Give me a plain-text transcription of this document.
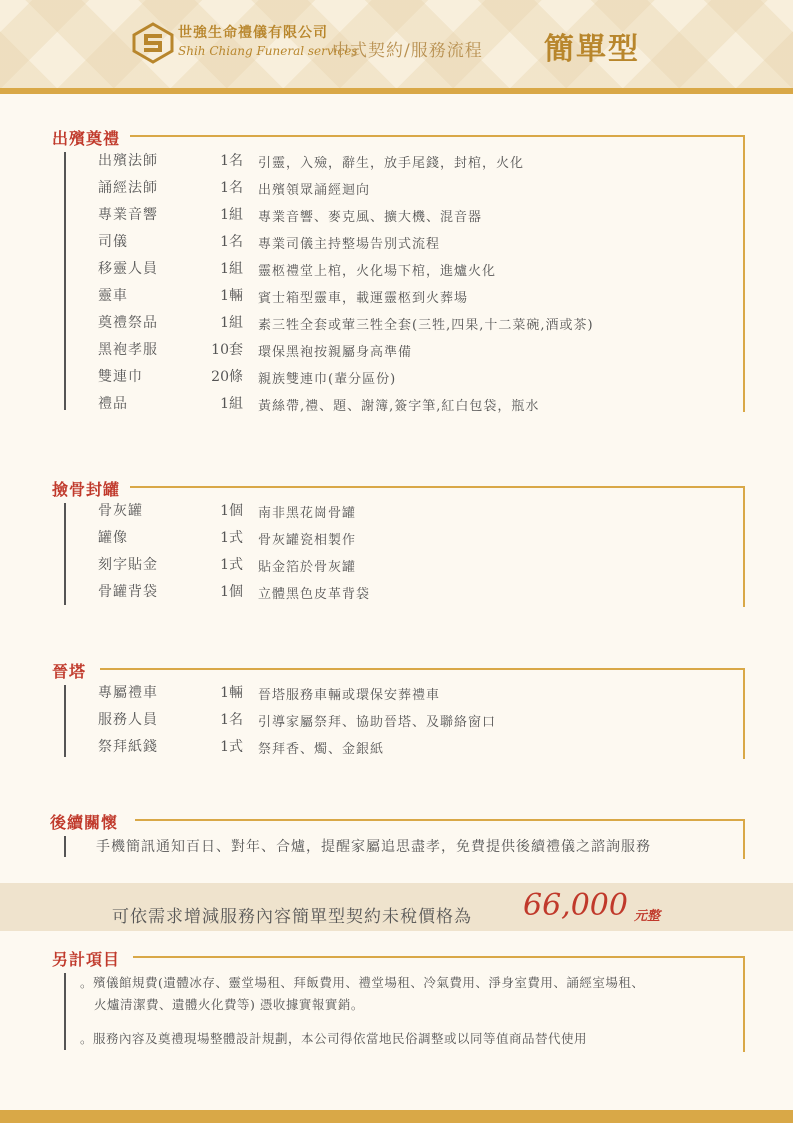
世強生命禮儀有限公司
Shih Chiang Funeral services
中式契約/服務流程 簡單型
出殯奠禮
出殯法師	1名 引靈，入殮，辭生，放手尾錢，封棺，火化
誦經法師	1名 出殯領眾誦經迴向
專業音響	1組 專業音響、麥克風、擴大機、混音器
司儀	1名 專業司儀主持整場告別式流程
移靈人員	1組 靈柩禮堂上棺，火化場下棺，進爐火化
靈車	1輛 賓士箱型靈車，載運靈柩到火葬場
奠禮祭品	1組 素三牲全套或葷三牲全套(三牲,四果,十二菜碗,酒或茶)
黑袍孝服	10套 環保黑袍按親屬身高準備
雙連巾	20條 親族雙連巾(輩分區份)
禮品	1組 黃絲帶,禮、題、謝簿,簽字筆,紅白包袋，瓶水
撿骨封罐
骨灰罐	1個 南非黑花崗骨罐
罐像	1式 骨灰罐瓷相製作
刻字貼金	1式 貼金箔於骨灰罐
骨罐背袋	1個 立體黑色皮革背袋
晉塔
專屬禮車	1輛 晉塔服務車輛或環保安葬禮車
服務人員	1名 引導家屬祭拜、協助晉塔、及聯絡窗口
祭拜紙錢	1式 祭拜香、燭、金銀紙
後續關懷
手機簡訊通知百日、對年、合爐，提醒家屬追思盡孝，免費提供後續禮儀之諮詢服務
可依需求增減服務內容簡單型契約未稅價格為 66,000 元整
另計項目
。殯儀館規費(遺體冰存、靈堂場租、拜飯費用、禮堂場租、冷氣費用、淨身室費用、誦經室場租、
火爐清潔費、遺體火化費等) 憑收據實報實銷。
。服務內容及奠禮現場整體設計規劃，本公司得依當地民俗調整或以同等值商品替代使用
